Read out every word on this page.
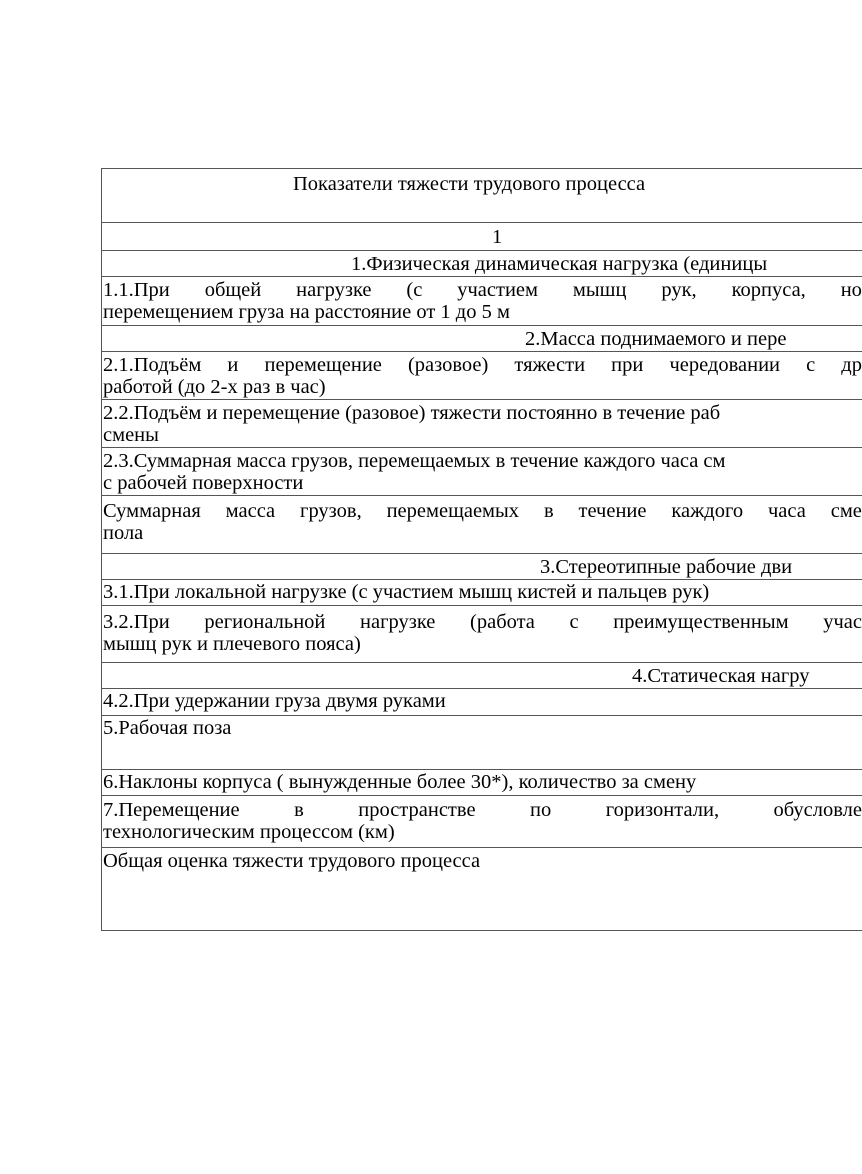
Показатели тяжести трудового процесса
1
1.Физическая динамическая нагрузка (единицы
1.1.При общей нагрузке (с участием мышц рук, корпуса, но
перемещением груза на расстояние от 1 до 5 м
2.Масса поднимаемого и пере
2.1.Подъём и перемещение (разовое) тяжести при чередовании с др
работой (до 2-х раз в час)
2.2.Подъём и перемещение (разовое) тяжести постоянно в течение раб
смены
2.3.Суммарная масса грузов, перемещаемых в течение каждого часа см
с рабочей поверхности
Суммарная масса грузов, перемещаемых в течение каждого часа сме
пола
3.Стереотипные рабочие дви
3.1.При локальной нагрузке (с участием мышц кистей и пальцев рук)
3.2.При региональной нагрузке (работа с преимущественным учас
мышц рук и плечевого пояса)
4.Статическая нагру
4.2.При удержании груза двумя руками
5.Рабочая поза
6.Наклоны корпуса ( вынужденные более 30*), количество за смену
7.Перемещение	в	пространстве	по	горизонтали,	обусловле
технологическим процессом (км)
Общая оценка тяжести трудового процесса
